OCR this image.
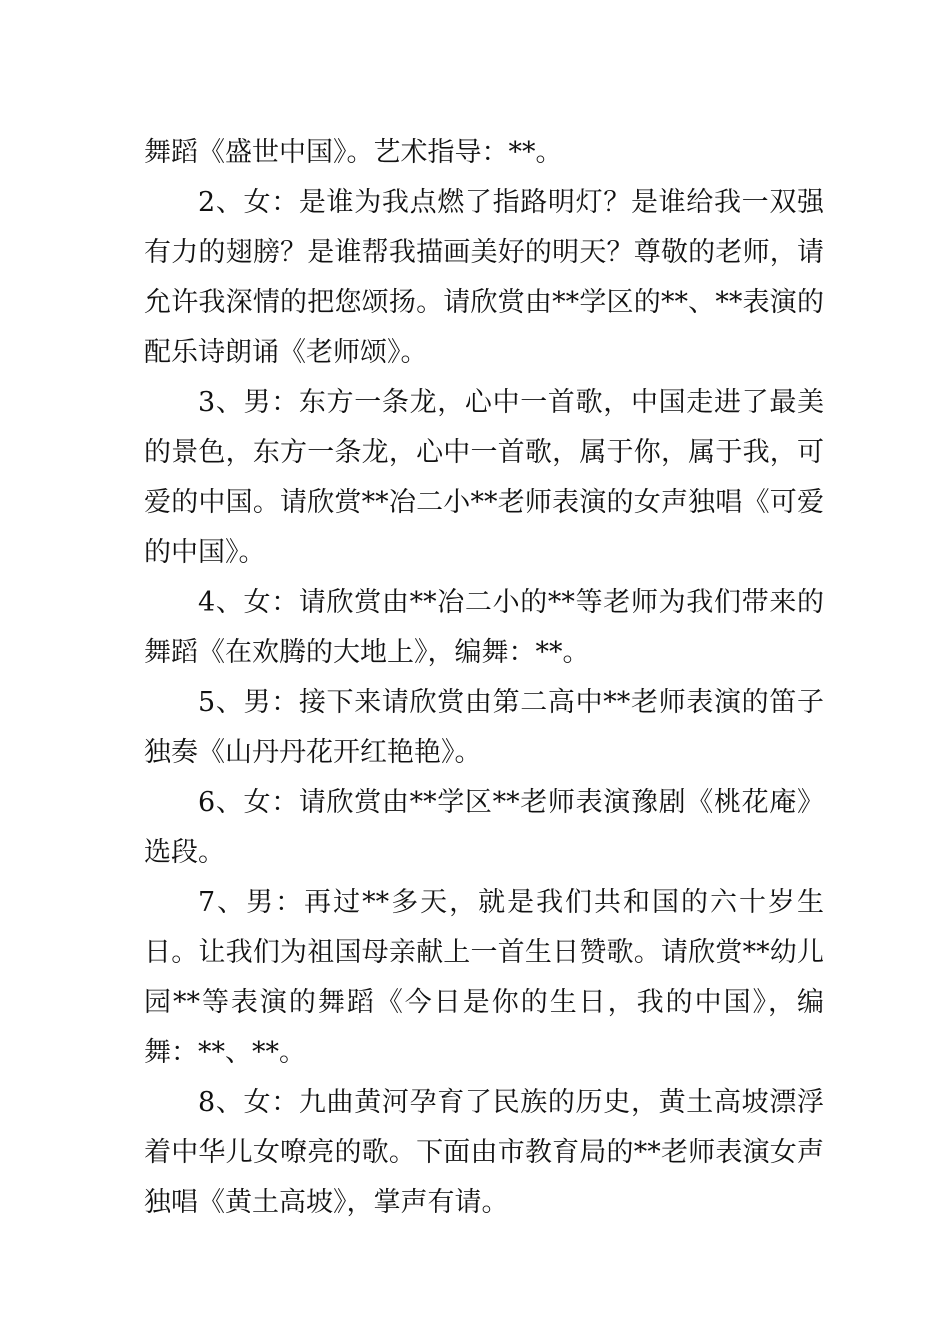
舞蹈《盛世中国》。艺术指导：**。

2、女：是谁为我点燃了指路明灯？是谁给我一双强有力的翅膀？是谁帮我描画美好的明天？尊敬的老师，请允许我深情的把您颂扬。请欣赏由**学区的**、**表演的配乐诗朗诵《老师颂》。

3、男：东方一条龙，心中一首歌，中国走进了最美的景色，东方一条龙，心中一首歌，属于你，属于我，可爱的中国。请欣赏**冶二小**老师表演的女声独唱《可爱的中国》。

4、女：请欣赏由**冶二小的**等老师为我们带来的舞蹈《在欢腾的大地上》，编舞：**。

5、男：接下来请欣赏由第二高中**老师表演的笛子独奏《山丹丹花开红艳艳》。

6、女：请欣赏由**学区**老师表演豫剧《桃花庵》选段。

7、男：再过**多天，就是我们共和国的六十岁生日。让我们为祖国母亲献上一首生日赞歌。请欣赏**幼儿园**等表演的舞蹈《今日是你的生日，我的中国》，编舞：**、**。

8、女：九曲黄河孕育了民族的历史，黄土高坡漂浮着中华儿女嘹亮的歌。下面由市教育局的**老师表演女声独唱《黄土高坡》，掌声有请。
